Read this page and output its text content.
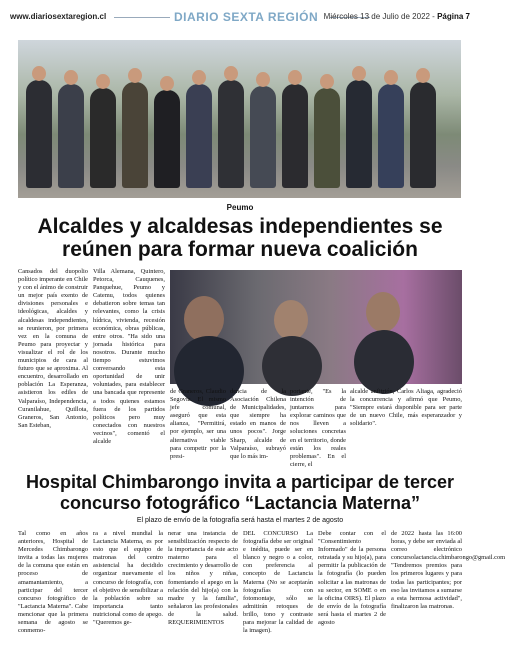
www.diariosextaregion.cl	DIARIO SEXTA REGIÓN Miércoles 13 de Julio de 2022 - Página 7
Peumo
Alcaldes y alcaldesas independientes se reúnen para formar nueva coalición
Cansados del duopolio político imperante en Chile y con el ánimo de construir un mejor país exento de divisiones personales e ideológicas, alcaldes y alcaldesas independientes, se reunieron, por primera vez en la comuna de Peumo para proyectar y visualizar el rol de los municipios de cara al futuro que se aproxima. Al encuentro, desarrollado en población La Esperanza, asistieron los ediles de Valparaíso, Independencia, Curanilahue, Quillota, Graneros, San Antonio, San Esteban,
Villa Alemana, Quintero, Petorca, Cauquenes, Panquehue, Peumo y Catemu, todos quienes debatieron sobre temas tan relevantes, como la crisis hídrica, vivienda, recesión económica, obras públicas, entre otros. "Ha sido una jornada histórica para nosotros. Durante mucho tiempo estuvimos conversando esta oportunidad de unir voluntades, para establecer una bancada que represente a todos quienes estamos fuera de los partidos políticos pero muy conectados con nuestros vecinos", comentó el alcalde
de Graneros, Claudio Segovia. El mismo jefe comunal, aseguró que esta alianza, "Permitirá, por ejemplo, ser una alternativa viable para competir por la presi-
dencia de la Asociación Chilena de Municipalidades, que siempre ha estado en manos de unos pocos". Jorge Sharp, alcalde de Valparaíso, subrayó que lo más im-
portante, "Es la intención de juntarnos para explorar caminos que nos lleven a soluciones concretas en el territorio, donde están los reales problemas". En el cierre, el
alcalde anfitrión, Carlos Aliaga, agradeció la concurrencia y afirmó que Peumo, "Siempre estará disponible para ser parte de un nuevo Chile, más esperanzador y solidario".
Hospital Chimbarongo invita a participar de tercer concurso fotográfico “Lactancia Materna”
El plazo de envío de la fotografía será hasta el martes 2 de agosto
Tal como en años anteriores, Hospital de Mercedes Chimbarongo invita a todas las mujeres de la comuna que están en proceso de amamantamiento, a participar del tercer concurso fotográfico de "Lactancia Materna". Cabe mencionar que la primera semana de agosto se conmemo-
ra a nivel mundial la Lactancia Materna, es por esto que el equipo de matronas del centro asistencial ha decidido organizar nuevamente el concurso de fotografía, con el objetivo de sensibilizar a la población sobre su importancia tanto nutricional como de apego. "Queremos ge-
nerar una instancia de sensibilización respecto de la importancia de este acto materno para el crecimiento y desarrollo de los niños y niñas, fomentando el apego en la relación del hijo(a) con la madre y la familia", señalaron las profesionales de la salud. REQUERIMIENTOS
DEL CONCURSO La fotografía debe ser original e inédita, puede ser en blanco y negro o a color, con preferencia al concepto de Lactancia Materna (No se aceptarán fotografías con fotomontaje, sólo se admitirán retoques de brillo, tono y contraste para mejorar la calidad de la imagen).
Debe contar con el "Consentimiento Informado" de la persona retratada y su hijo(a), para permitir la publicación de la fotografía (lo pueden solicitar a las matronas de su sector, en SOME o en la oficina OIRS). El plazo de envío de la fotografía será hasta el martes 2 de agosto
de 2022 hasta las 16:00 horas, y debe ser enviada al correo electrónico concursolactancia.chimbarongo@gmail.com "Tendremos premios para los primeros lugares y para todas las participantes; por eso las invitamos a sumarse a esta hermosa actividad", finalizaron las matronas.
